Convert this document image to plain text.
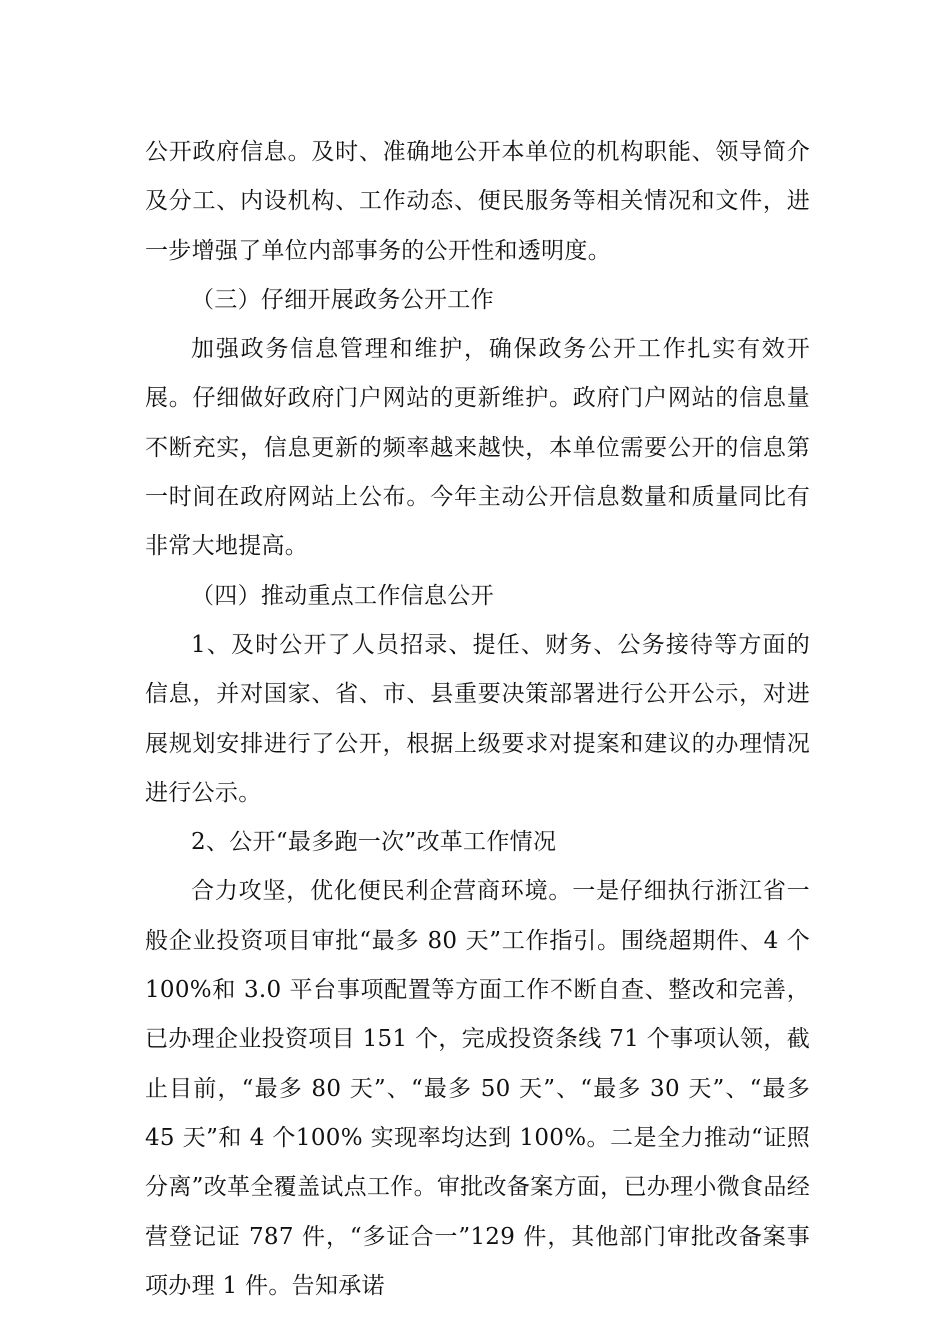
公开政府信息。及时、准确地公开本单位的机构职能、领导简介及分工、内设机构、工作动态、便民服务等相关情况和文件，进一步增强了单位内部事务的公开性和透明度。

（三）仔细开展政务公开工作

加强政务信息管理和维护，确保政务公开工作扎实有效开展。仔细做好政府门户网站的更新维护。政府门户网站的信息量不断充实，信息更新的频率越来越快，本单位需要公开的信息第一时间在政府网站上公布。今年主动公开信息数量和质量同比有非常大地提高。

（四）推动重点工作信息公开

1、及时公开了人员招录、提任、财务、公务接待等方面的信息，并对国家、省、市、县重要决策部署进行公开公示，对进展规划安排进行了公开，根据上级要求对提案和建议的办理情况进行公示。

2、公开“最多跑一次”改革工作情况

合力攻坚，优化便民利企营商环境。一是仔细执行浙江省一般企业投资项目审批“最多 80 天”工作指引。围绕超期件、4 个 100%和 3.0 平台事项配置等方面工作不断自查、整改和完善，已办理企业投资项目 151 个，完成投资条线 71 个事项认领，截止目前，“最多 80 天”、“最多 50 天”、“最多 30 天”、“最多 45 天”和 4 个100% 实现率均达到 100%。二是全力推动“证照分离”改革全覆盖试点工作。审批改备案方面，已办理小微食品经营登记证 787 件，“多证合一”129 件，其他部门审批改备案事项办理 1 件。告知承诺
